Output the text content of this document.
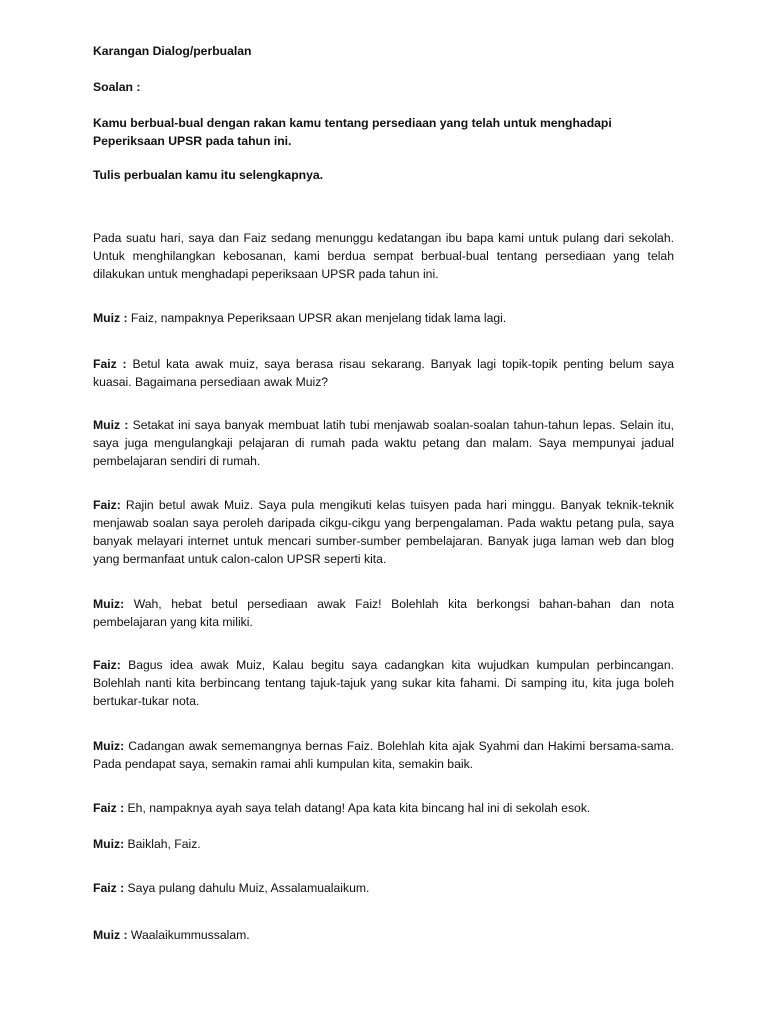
Karangan Dialog/perbualan

Soalan :

Kamu berbual-bual dengan rakan kamu tentang persediaan yang telah untuk menghadapi Peperiksaan UPSR pada tahun ini.

Tulis perbualan kamu itu selengkapnya.

Pada suatu hari, saya dan Faiz sedang menunggu kedatangan ibu bapa kami untuk pulang dari sekolah. Untuk menghilangkan kebosanan, kami berdua sempat berbual-bual tentang persediaan yang telah dilakukan untuk menghadapi peperiksaan UPSR pada tahun ini.

Muiz : Faiz, nampaknya Peperiksaan UPSR akan menjelang tidak lama lagi.

Faiz : Betul kata awak muiz, saya berasa risau sekarang. Banyak lagi topik-topik penting belum saya kuasai. Bagaimana persediaan awak Muiz?

Muiz : Setakat ini saya banyak membuat latih tubi menjawab soalan-soalan tahun-tahun lepas. Selain itu, saya juga mengulangkaji pelajaran di rumah pada waktu petang dan malam. Saya mempunyai jadual pembelajaran sendiri di rumah.

Faiz: Rajin betul awak Muiz. Saya pula mengikuti kelas tuisyen pada hari minggu. Banyak teknik-teknik menjawab soalan saya peroleh daripada cikgu-cikgu yang berpengalaman. Pada waktu petang pula, saya banyak melayari internet untuk mencari sumber-sumber pembelajaran. Banyak juga laman web dan blog yang bermanfaat untuk calon-calon UPSR seperti kita.

Muiz: Wah, hebat betul persediaan awak Faiz! Bolehlah kita berkongsi bahan-bahan dan nota pembelajaran yang kita miliki.

Faiz: Bagus idea awak Muiz, Kalau begitu saya cadangkan kita wujudkan kumpulan perbincangan. Bolehlah nanti kita berbincang tentang tajuk-tajuk yang sukar kita fahami. Di samping itu, kita juga boleh bertukar-tukar nota.

Muiz: Cadangan awak sememangnya bernas Faiz. Bolehlah kita ajak Syahmi dan Hakimi bersama-sama. Pada pendapat saya, semakin ramai ahli kumpulan kita, semakin baik.

Faiz : Eh, nampaknya ayah saya telah datang! Apa kata kita bincang hal ini di sekolah esok.

Muiz: Baiklah, Faiz.

Faiz : Saya pulang dahulu Muiz, Assalamualaikum.

Muiz : Waalaikummussalam.
